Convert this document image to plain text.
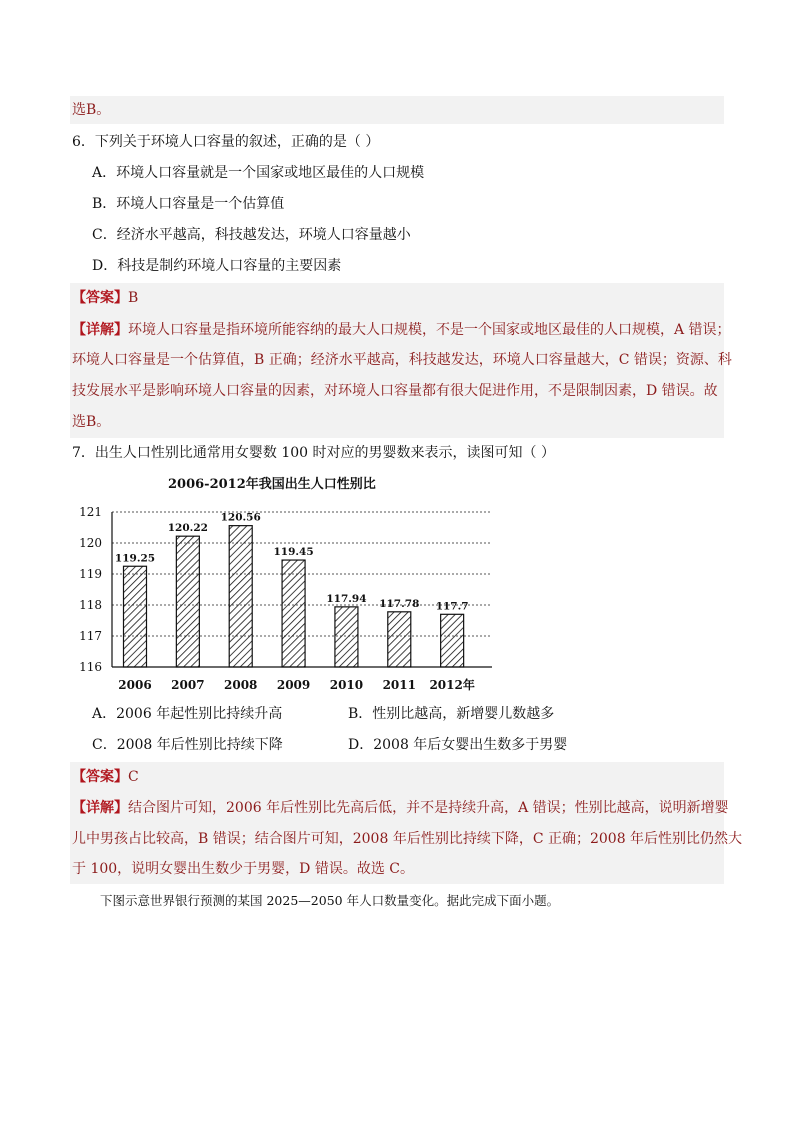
选B。
6．下列关于环境人口容量的叙述，正确的是（ ）
A．环境人口容量就是一个国家或地区最佳的人口规模
B．环境人口容量是一个估算值
C．经济水平越高，科技越发达，环境人口容量越小
D．科技是制约环境人口容量的主要因素
【答案】B
【详解】环境人口容量是指环境所能容纳的最大人口规模，不是一个国家或地区最佳的人口规模，A 错误；
环境人口容量是一个估算值，B 正确；经济水平越高，科技越发达，环境人口容量越大，C 错误；资源、科
技发展水平是影响环境人口容量的因素，对环境人口容量都有很大促进作用，不是限制因素，D 错误。故
选B。
7．出生人口性别比通常用女婴数 100 时对应的男婴数来表示，读图可知（ ）
2006-2012年我国出生人口性别比
116
117
118
119
120
121
119.25
2006
120.22
2007
120.56
2008
119.45
2009
117.94
2010
117.78
2011
117.7
2012年
A．2006 年起性别比持续升高	B．性别比越高，新增婴儿数越多
C．2008 年后性别比持续下降	D．2008 年后女婴出生数多于男婴
【答案】C
【详解】结合图片可知，2006 年后性别比先高后低，并不是持续升高，A 错误；性别比越高，说明新增婴
儿中男孩占比较高，B 错误；结合图片可知，2008 年后性别比持续下降，C 正确；2008 年后性别比仍然大
于 100，说明女婴出生数少于男婴，D 错误。故选 C。
下图示意世界银行预测的某国 2025—2050 年人口数量变化。据此完成下面小题。
